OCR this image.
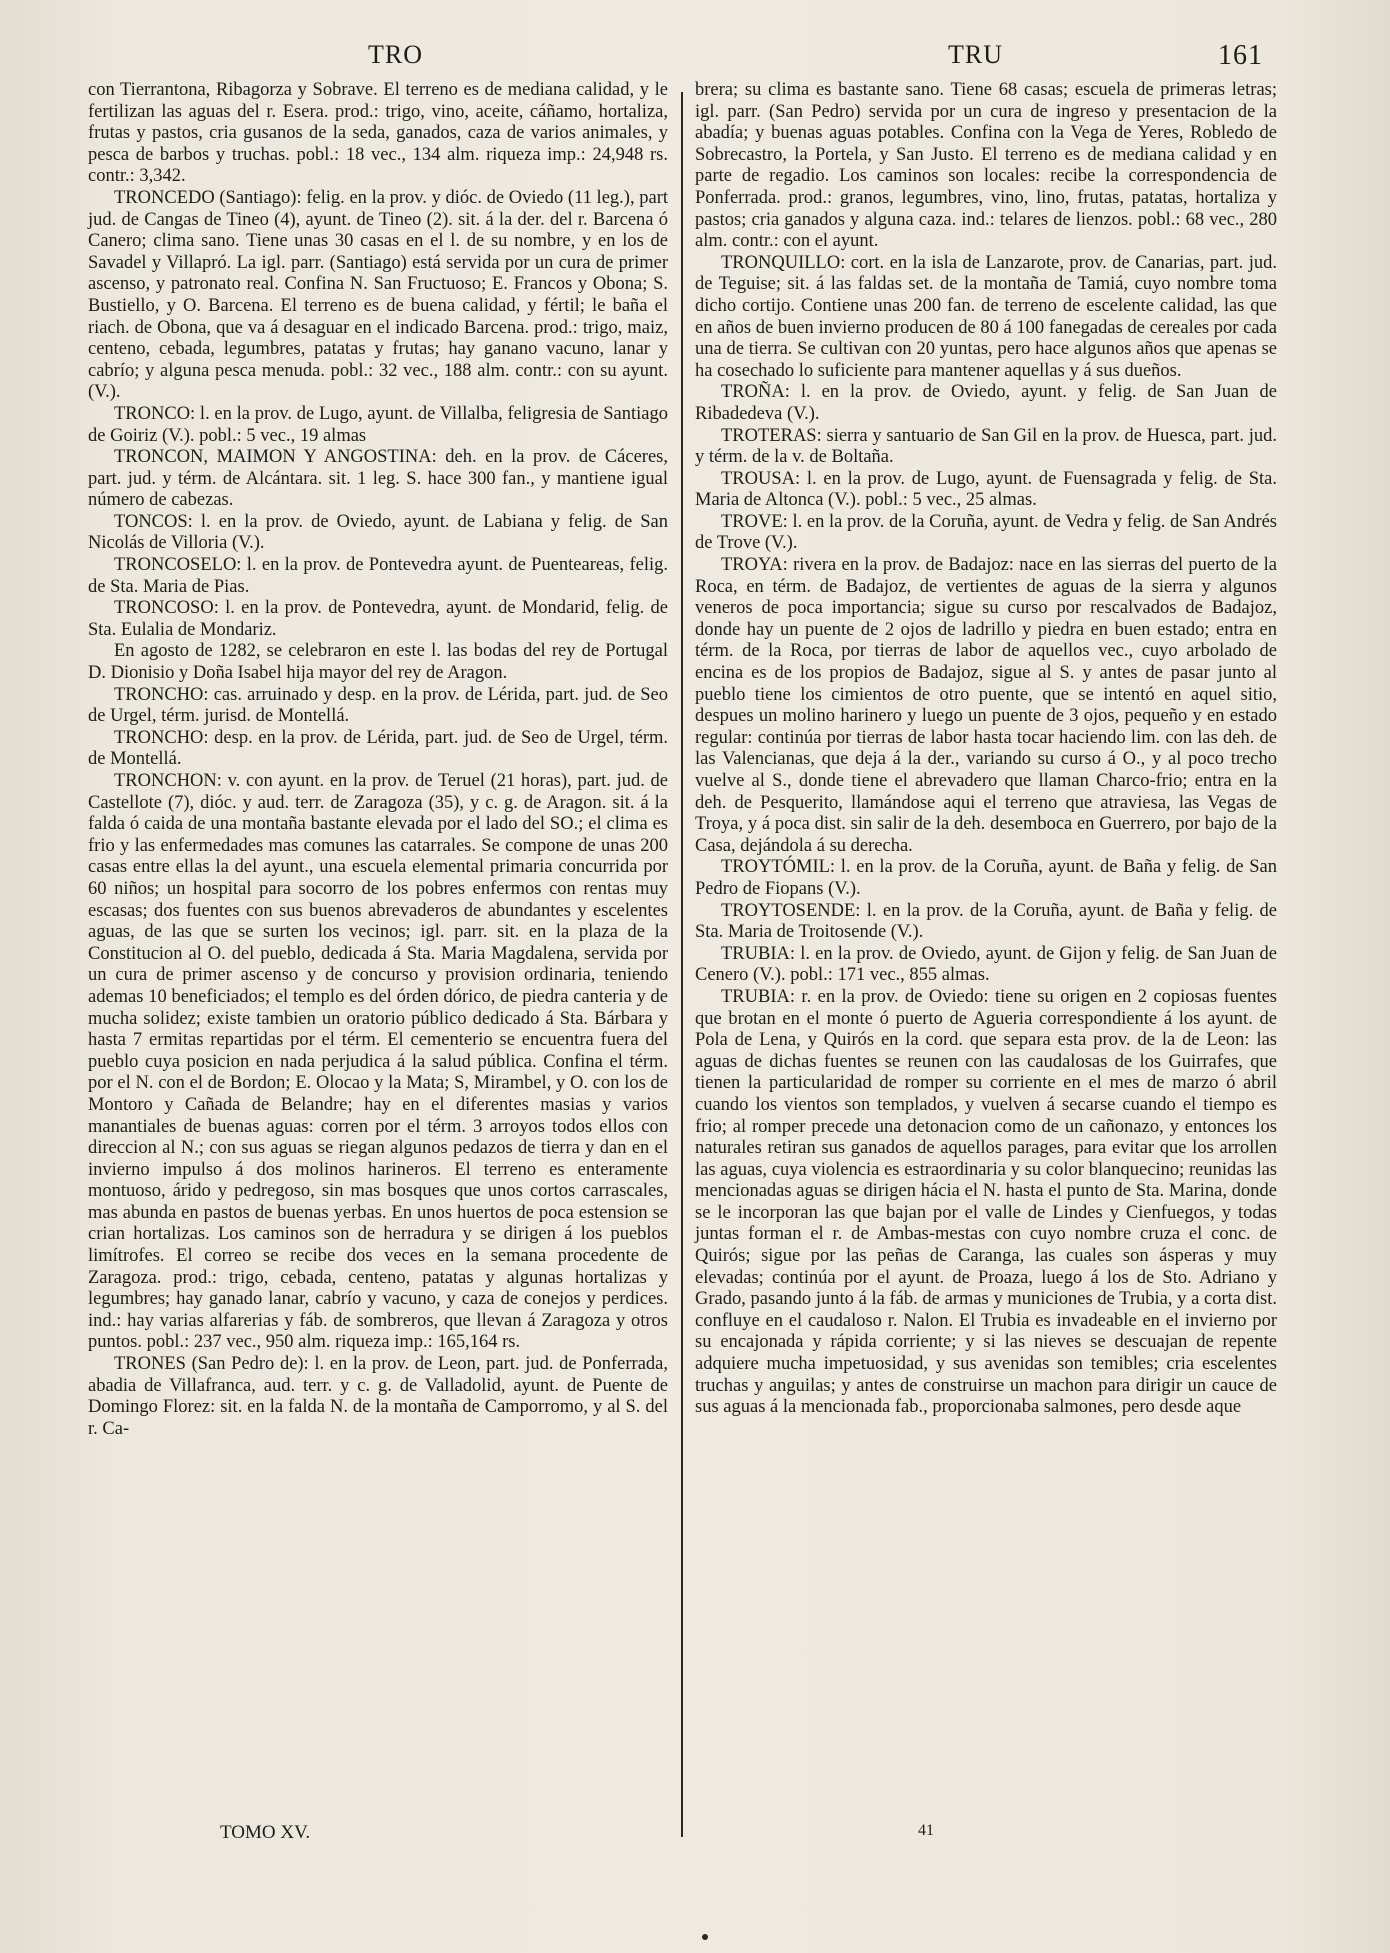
TRO	TRU	161

con Tierrantona, Ribagorza y Sobrave. El terreno es de mediana calidad, y le fertilizan las aguas del r. Esera. prod.: trigo, vino, aceite, cáñamo, hortaliza, frutas y pastos, cria gusanos de la seda, ganados, caza de varios animales, y pesca de barbos y truchas. pobl.: 18 vec., 134 alm. riqueza imp.: 24,948 rs. contr.: 3,342.

TRONCEDO (Santiago): felig. en la prov. y dióc. de Oviedo (11 leg.), part jud. de Cangas de Tineo (4), ayunt. de Tineo (2). sit. á la der. del r. Barcena ó Canero; clima sano. Tiene unas 30 casas en el l. de su nombre, y en los de Savadel y Villapró. La igl. parr. (Santiago) está servida por un cura de primer ascenso, y patronato real. Confina N. San Fructuoso; E. Francos y Obona; S. Bustiello, y O. Barcena. El terreno es de buena calidad, y fértil; le baña el riach. de Obona, que va á desaguar en el indicado Barcena. prod.: trigo, maiz, centeno, cebada, legumbres, patatas y frutas; hay ganano vacuno, lanar y cabrío; y alguna pesca menuda. pobl.: 32 vec., 188 alm. contr.: con su ayunt. (V.).

TRONCO: l. en la prov. de Lugo, ayunt. de Villalba, feligresia de Santiago de Goiriz (V.). pobl.: 5 vec., 19 almas

TRONCON, MAIMON Y ANGOSTINA: deh. en la prov. de Cáceres, part. jud. y térm. de Alcántara. sit. 1 leg. S. hace 300 fan., y mantiene igual número de cabezas.

TONCOS: l. en la prov. de Oviedo, ayunt. de Labiana y felig. de San Nicolás de Villoria (V.).

TRONCOSELO: l. en la prov. de Pontevedra ayunt. de Puenteareas, felig. de Sta. Maria de Pias.

TRONCOSO: l. en la prov. de Pontevedra, ayunt. de Mondarid, felig. de Sta. Eulalia de Mondariz.

En agosto de 1282, se celebraron en este l. las bodas del rey de Portugal D. Dionisio y Doña Isabel hija mayor del rey de Aragon.

TRONCHO: cas. arruinado y desp. en la prov. de Lérida, part. jud. de Seo de Urgel, térm. jurisd. de Montellá.

TRONCHO: desp. en la prov. de Lérida, part. jud. de Seo de Urgel, térm. de Montellá.

TRONCHON: v. con ayunt. en la prov. de Teruel (21 horas), part. jud. de Castellote (7), dióc. y aud. terr. de Zaragoza (35), y c. g. de Aragon. sit. á la falda ó caida de una montaña bastante elevada por el lado del SO.; el clima es frio y las enfermedades mas comunes las catarrales. Se compone de unas 200 casas entre ellas la del ayunt., una escuela elemental primaria concurrida por 60 niños; un hospital para socorro de los pobres enfermos con rentas muy escasas; dos fuentes con sus buenos abrevaderos de abundantes y escelentes aguas, de las que se surten los vecinos; igl. parr. sit. en la plaza de la Constitucion al O. del pueblo, dedicada á Sta. Maria Magdalena, servida por un cura de primer ascenso y de concurso y provision ordinaria, teniendo ademas 10 beneficiados; el templo es del órden dórico, de piedra canteria y de mucha solidez; existe tambien un oratorio público dedicado á Sta. Bárbara y hasta 7 ermitas repartidas por el térm. El cementerio se encuentra fuera del pueblo cuya posicion en nada perjudica á la salud pública. Confina el térm. por el N. con el de Bordon; E. Olocao y la Mata; S, Mirambel, y O. con los de Montoro y Cañada de Belandre; hay en el diferentes masias y varios manantiales de buenas aguas: corren por el térm. 3 arroyos todos ellos con direccion al N.; con sus aguas se riegan algunos pedazos de tierra y dan en el invierno impulso á dos molinos harineros. El terreno es enteramente montuoso, árido y pedregoso, sin mas bosques que unos cortos carrascales, mas abunda en pastos de buenas yerbas. En unos huertos de poca estension se crian hortalizas. Los caminos son de herradura y se dirigen á los pueblos limítrofes. El correo se recibe dos veces en la semana procedente de Zaragoza. prod.: trigo, cebada, centeno, patatas y algunas hortalizas y legumbres; hay ganado lanar, cabrío y vacuno, y caza de conejos y perdices. ind.: hay varias alfarerias y fáb. de sombreros, que llevan á Zaragoza y otros puntos. pobl.: 237 vec., 950 alm. riqueza imp.: 165,164 rs.

TRONES (San Pedro de): l. en la prov. de Leon, part. jud. de Ponferrada, abadia de Villafranca, aud. terr. y c. g. de Valladolid, ayunt. de Puente de Domingo Florez: sit. en la falda N. de la montaña de Camporromo, y al S. del r. Ca-

brera; su clima es bastante sano. Tiene 68 casas; escuela de primeras letras; igl. parr. (San Pedro) servida por un cura de ingreso y presentacion de la abadía; y buenas aguas potables. Confina con la Vega de Yeres, Robledo de Sobrecastro, la Portela, y San Justo. El terreno es de mediana calidad y en parte de regadio. Los caminos son locales: recibe la correspondencia de Ponferrada. prod.: granos, legumbres, vino, lino, frutas, patatas, hortaliza y pastos; cria ganados y alguna caza. ind.: telares de lienzos. pobl.: 68 vec., 280 alm. contr.: con el ayunt.

TRONQUILLO: cort. en la isla de Lanzarote, prov. de Canarias, part. jud. de Teguise; sit. á las faldas set. de la montaña de Tamiá, cuyo nombre toma dicho cortijo. Contiene unas 200 fan. de terreno de escelente calidad, las que en años de buen invierno producen de 80 á 100 fanegadas de cereales por cada una de tierra. Se cultivan con 20 yuntas, pero hace algunos años que apenas se ha cosechado lo suficiente para mantener aquellas y á sus dueños.

TROÑA: l. en la prov. de Oviedo, ayunt. y felig. de San Juan de Ribadedeva (V.).

TROTERAS: sierra y santuario de San Gil en la prov. de Huesca, part. jud. y térm. de la v. de Boltaña.

TROUSA: l. en la prov. de Lugo, ayunt. de Fuensagrada y felig. de Sta. Maria de Altonca (V.). pobl.: 5 vec., 25 almas.

TROVE: l. en la prov. de la Coruña, ayunt. de Vedra y felig. de San Andrés de Trove (V.).

TROYA: rivera en la prov. de Badajoz: nace en las sierras del puerto de la Roca, en térm. de Badajoz, de vertientes de aguas de la sierra y algunos veneros de poca importancia; sigue su curso por rescalvados de Badajoz, donde hay un puente de 2 ojos de ladrillo y piedra en buen estado; entra en térm. de la Roca, por tierras de labor de aquellos vec., cuyo arbolado de encina es de los propios de Badajoz, sigue al S. y antes de pasar junto al pueblo tiene los cimientos de otro puente, que se intentó en aquel sitio, despues un molino harinero y luego un puente de 3 ojos, pequeño y en estado regular: continúa por tierras de labor hasta tocar haciendo lim. con las deh. de las Valencianas, que deja á la der., variando su curso á O., y al poco trecho vuelve al S., donde tiene el abrevadero que llaman Charco-frio; entra en la deh. de Pesquerito, llamándose aqui el terreno que atraviesa, las Vegas de Troya, y á poca dist. sin salir de la deh. desemboca en Guerrero, por bajo de la Casa, dejándola á su derecha.

TROYTÓMIL: l. en la prov. de la Coruña, ayunt. de Baña y felig. de San Pedro de Fiopans (V.).

TROYTOSENDE: l. en la prov. de la Coruña, ayunt. de Baña y felig. de Sta. Maria de Troitosende (V.).

TRUBIA: l. en la prov. de Oviedo, ayunt. de Gijon y felig. de San Juan de Cenero (V.). pobl.: 171 vec., 855 almas.

TRUBIA: r. en la prov. de Oviedo: tiene su origen en 2 copiosas fuentes que brotan en el monte ó puerto de Agueria correspondiente á los ayunt. de Pola de Lena, y Quirós en la cord. que separa esta prov. de la de Leon: las aguas de dichas fuentes se reunen con las caudalosas de los Guirrafes, que tienen la particularidad de romper su corriente en el mes de marzo ó abril cuando los vientos son templados, y vuelven á secarse cuando el tiempo es frio; al romper precede una detonacion como de un cañonazo, y entonces los naturales retiran sus ganados de aquellos parages, para evitar que los arrollen las aguas, cuya violencia es estraordinaria y su color blanquecino; reunidas las mencionadas aguas se dirigen hácia el N. hasta el punto de Sta. Marina, donde se le incorporan las que bajan por el valle de Lindes y Cienfuegos, y todas juntas forman el r. de Ambas-mestas con cuyo nombre cruza el conc. de Quirós; sigue por las peñas de Caranga, las cuales son ásperas y muy elevadas; continúa por el ayunt. de Proaza, luego á los de Sto. Adriano y Grado, pasando junto á la fáb. de armas y municiones de Trubia, y a corta dist. confluye en el caudaloso r. Nalon. El Trubia es invadeable en el invierno por su encajonada y rápida corriente; y si las nieves se descuajan de repente adquiere mucha impetuosidad, y sus avenidas son temibles; cria escelentes truchas y anguilas; y antes de construirse un machon para dirigir un cauce de sus aguas á la mencionada fab., proporcionaba salmones, pero desde aque

TOMO XV.	41
